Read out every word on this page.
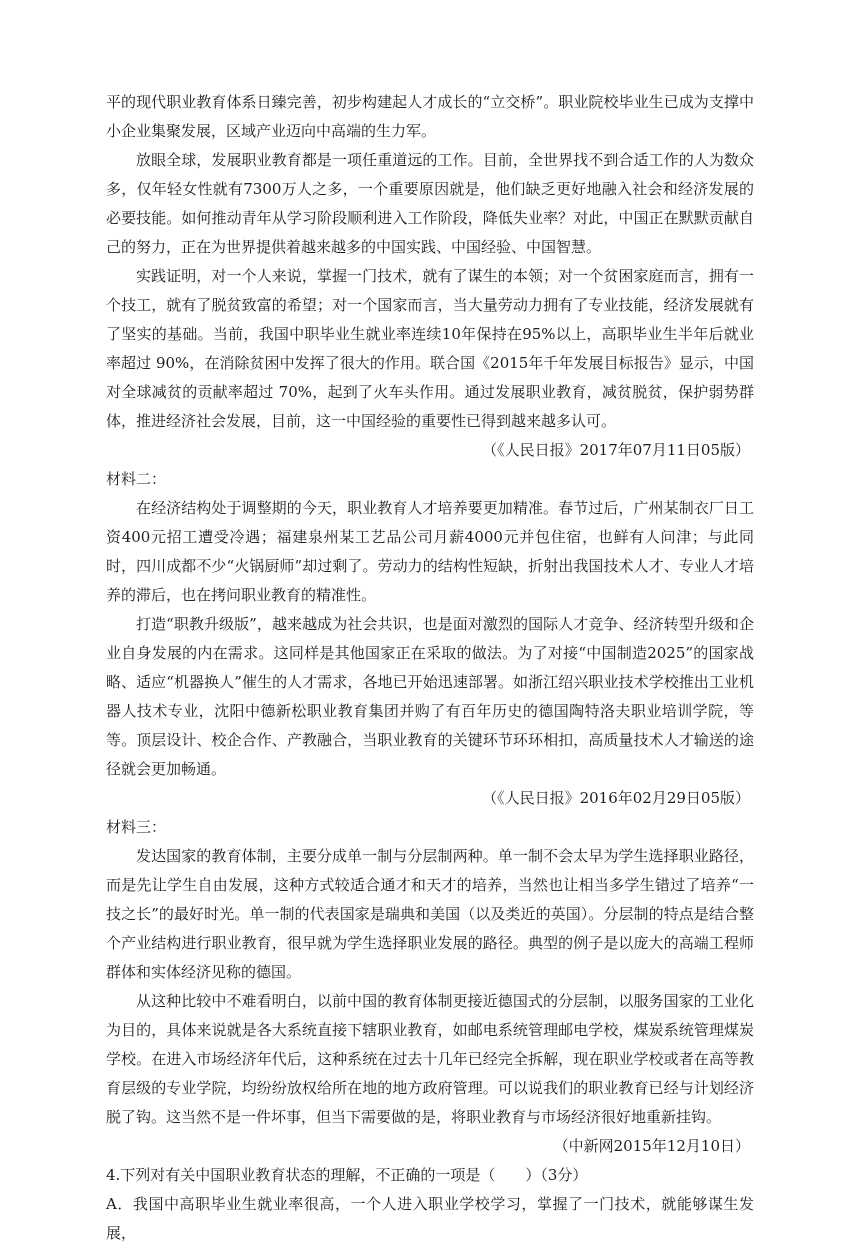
平的现代职业教育体系日臻完善，初步构建起人才成长的“立交桥”。职业院校毕业生已成为支撑中小企业集聚发展，区域产业迈向中高端的生力军。

放眼全球，发展职业教育都是一项任重道远的工作。目前，全世界找不到合适工作的人为数众多，仅年轻女性就有7300万人之多，一个重要原因就是，他们缺乏更好地融入社会和经济发展的必要技能。如何推动青年从学习阶段顺利进入工作阶段，降低失业率？对此，中国正在默默贡献自己的努力，正在为世界提供着越来越多的中国实践、中国经验、中国智慧。

实践证明，对一个人来说，掌握一门技术，就有了谋生的本领；对一个贫困家庭而言，拥有一个技工，就有了脱贫致富的希望；对一个国家而言，当大量劳动力拥有了专业技能，经济发展就有了坚实的基础。当前，我国中职毕业生就业率连续10年保持在95%以上，高职毕业生半年后就业率超过 90%，在消除贫困中发挥了很大的作用。联合国《2015年千年发展目标报告》显示，中国对全球减贫的贡献率超过 70%，起到了火车头作用。通过发展职业教育，减贫脱贫，保护弱势群体，推进经济社会发展，目前，这一中国经验的重要性已得到越来越多认可。

（《人民日报》2017年07月11日05版）

材料二：

在经济结构处于调整期的今天，职业教育人才培养要更加精准。春节过后，广州某制衣厂日工资400元招工遭受冷遇；福建泉州某工艺品公司月薪4000元并包住宿，也鲜有人问津；与此同时，四川成都不少“火锅厨师”却过剩了。劳动力的结构性短缺，折射出我国技术人才、专业人才培养的滞后，也在拷问职业教育的精准性。

打造“职教升级版”，越来越成为社会共识，也是面对激烈的国际人才竞争、经济转型升级和企业自身发展的内在需求。这同样是其他国家正在采取的做法。为了对接“中国制造2025”的国家战略、适应“机器换人”催生的人才需求，各地已开始迅速部署。如浙江绍兴职业技术学校推出工业机器人技术专业，沈阳中德新松职业教育集团并购了有百年历史的德国陶特洛夫职业培训学院，等等。顶层设计、校企合作、产教融合，当职业教育的关键环节环环相扣，高质量技术人才输送的途径就会更加畅通。

（《人民日报》2016年02月29日05版）

材料三：

发达国家的教育体制，主要分成单一制与分层制两种。单一制不会太早为学生选择职业路径，而是先让学生自由发展，这种方式较适合通才和天才的培养，当然也让相当多学生错过了培养“一技之长”的最好时光。单一制的代表国家是瑞典和美国（以及类近的英国）。分层制的特点是结合整个产业结构进行职业教育，很早就为学生选择职业发展的路径。典型的例子是以庞大的高端工程师群体和实体经济见称的德国。

从这种比较中不难看明白，以前中国的教育体制更接近德国式的分层制，以服务国家的工业化为目的，具体来说就是各大系统直接下辖职业教育，如邮电系统管理邮电学校，煤炭系统管理煤炭学校。在进入市场经济年代后，这种系统在过去十几年已经完全拆解，现在职业学校或者在高等教育层级的专业学院，均纷纷放权给所在地的地方政府管理。可以说我们的职业教育已经与计划经济脱了钩。这当然不是一件坏事，但当下需要做的是，将职业教育与市场经济很好地重新挂钩。

（中新网2015年12月10日）

4.下列对有关中国职业教育状态的理解，不正确的一项是（　　）（3分）

A．我国中高职毕业生就业率很高，一个人进入职业学校学习，掌握了一门技术，就能够谋生发展，
